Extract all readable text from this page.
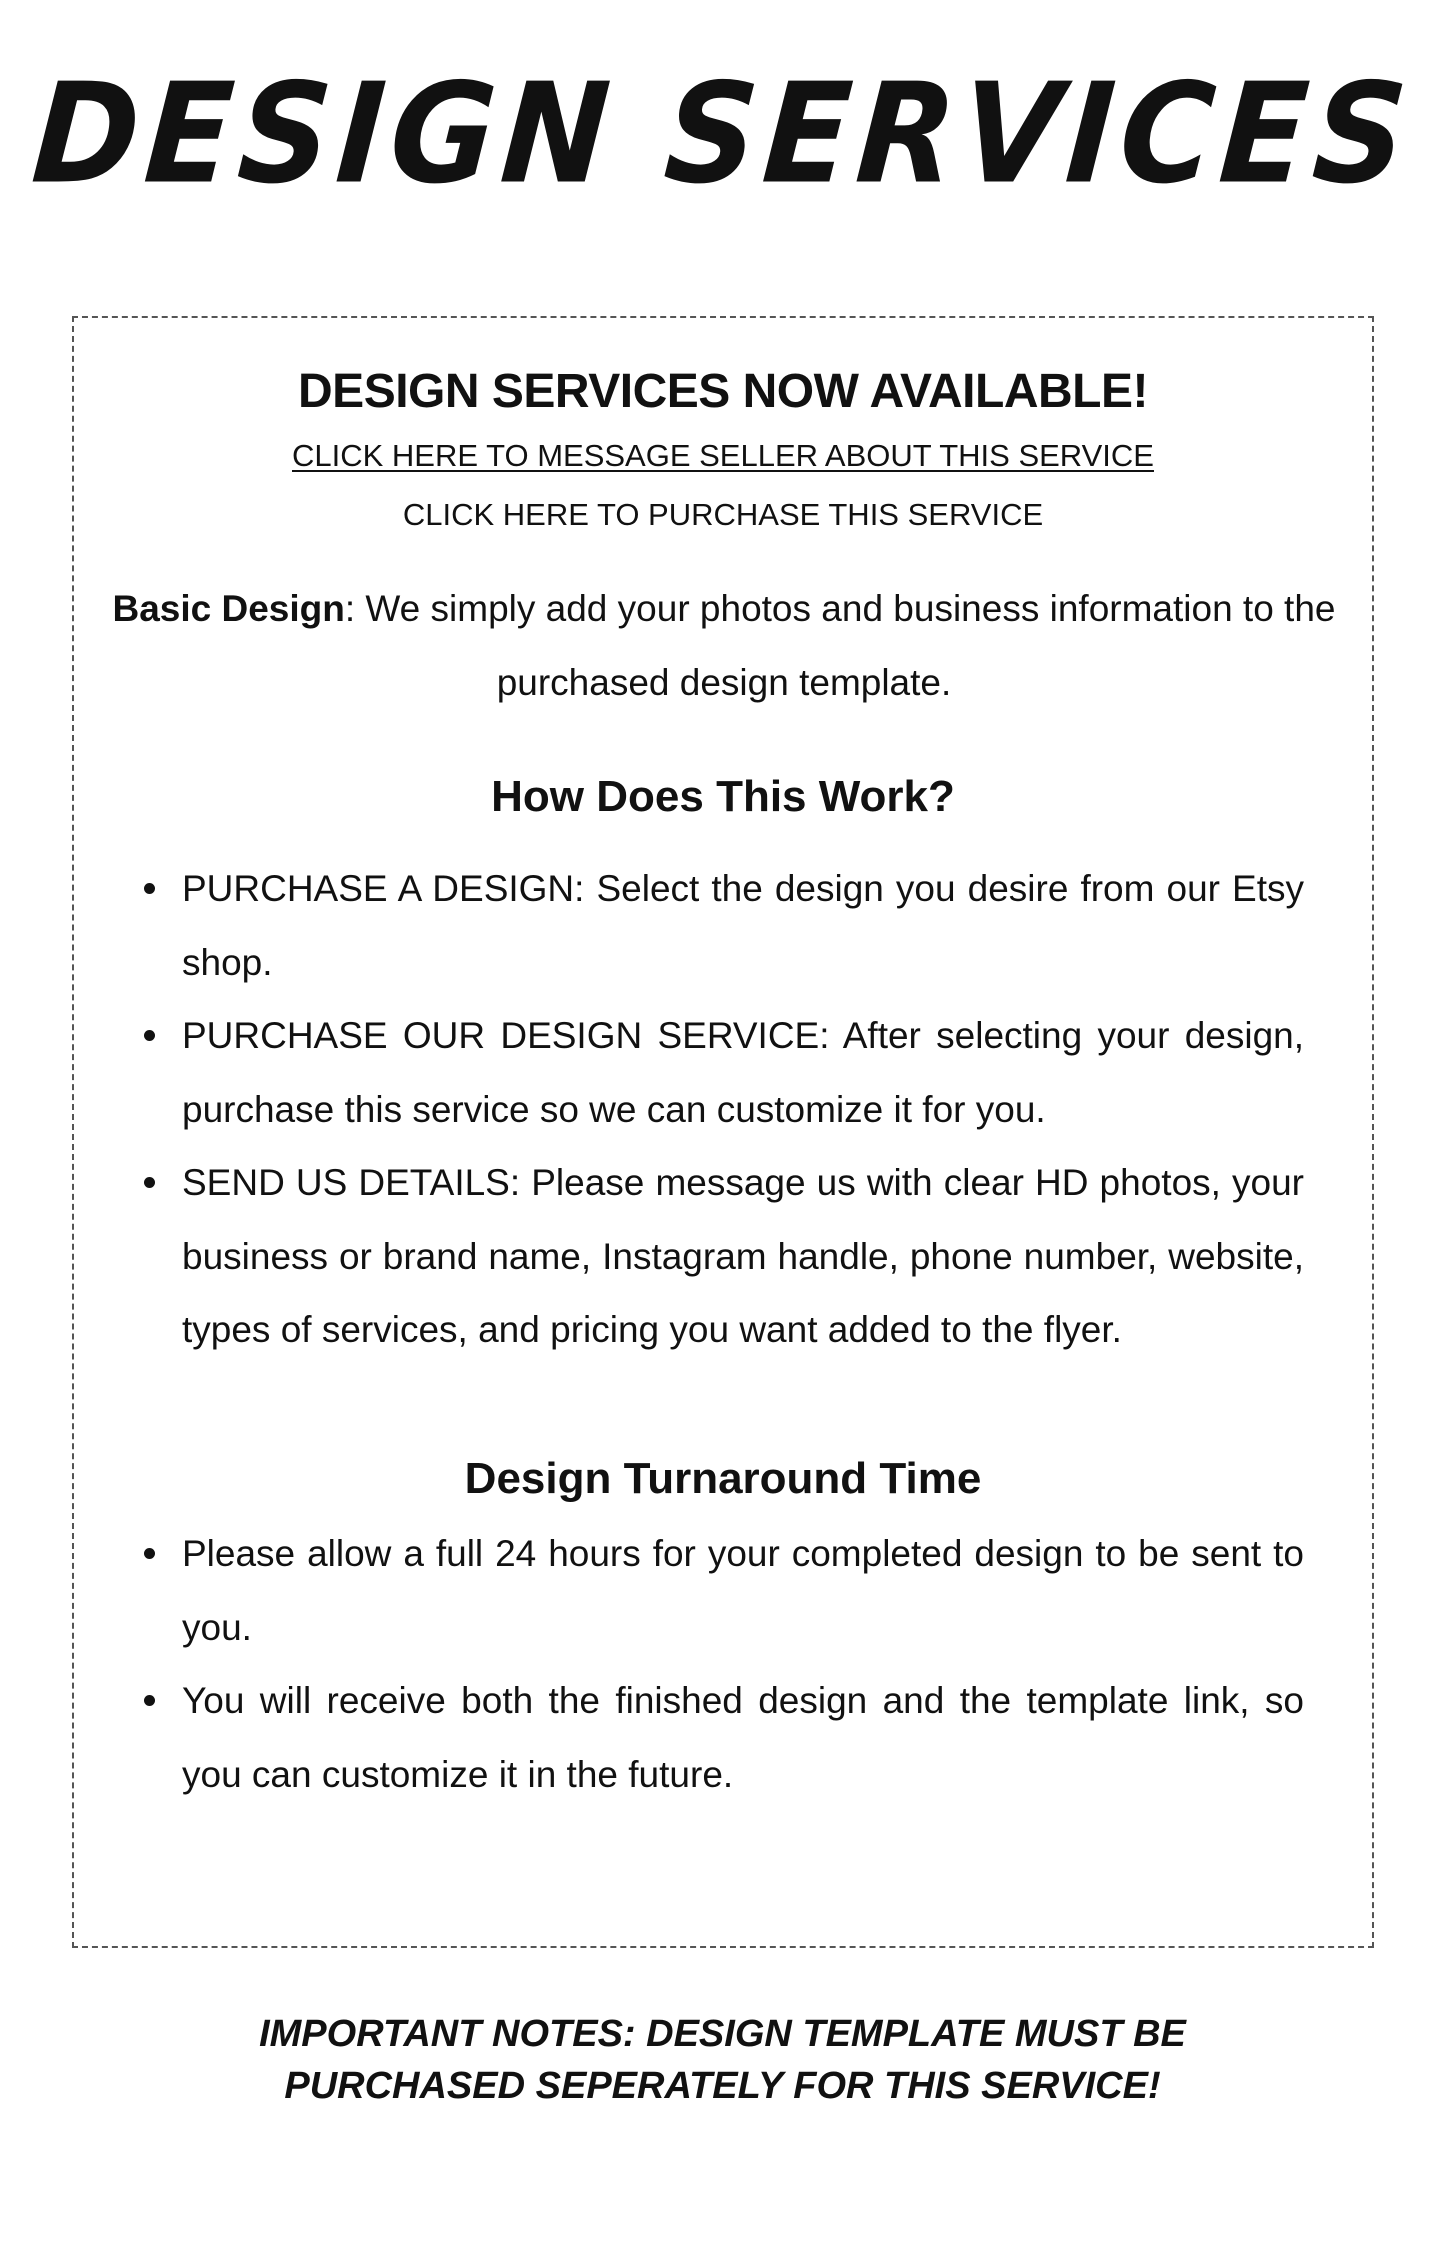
DESIGN SERVICES
DESIGN SERVICES NOW AVAILABLE!
CLICK HERE TO MESSAGE SELLER ABOUT THIS SERVICE
CLICK HERE TO PURCHASE THIS SERVICE

Basic Design: We simply add your photos and business information to the purchased design template.

How Does This Work?
PURCHASE A DESIGN: Select the design you desire from our Etsy shop.
PURCHASE OUR DESIGN SERVICE: After selecting your design, purchase this service so we can customize it for you.
SEND US DETAILS: Please message us with clear HD photos, your business or brand name, Instagram handle, phone number, website, types of services, and pricing you want added to the flyer.
Design Turnaround Time
Please allow a full 24 hours for your completed design to be sent to you.
You will receive both the finished design and the template link, so you can customize it in the future.

IMPORTANT NOTES: DESIGN TEMPLATE MUST BE
PURCHASED SEPERATELY FOR THIS SERVICE!
